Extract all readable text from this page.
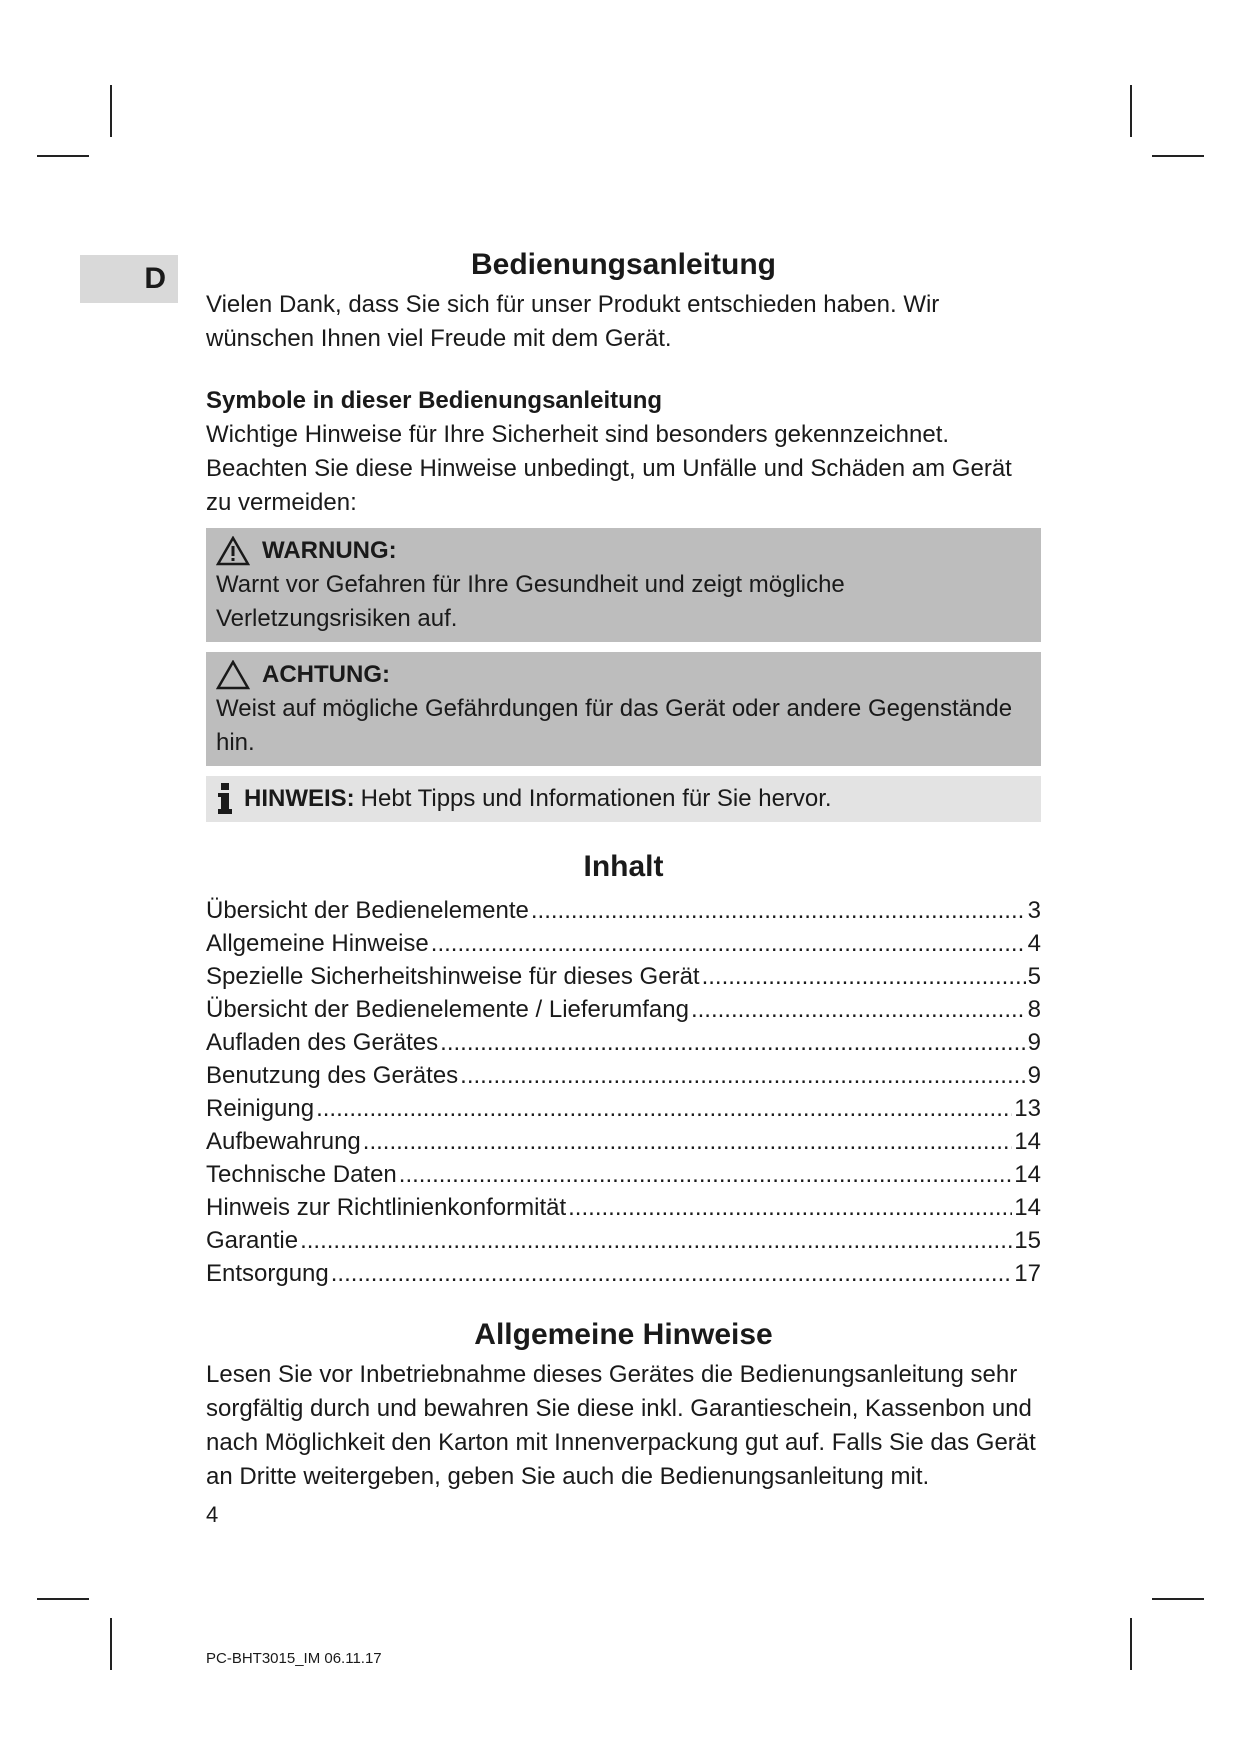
D	Bedienungsanleitung

Vielen Dank, dass Sie sich für unser Produkt entschieden haben. Wir wünschen Ihnen viel Freude mit dem Gerät.

Symbole in dieser Bedienungsanleitung

Wichtige Hinweise für Ihre Sicherheit sind besonders gekennzeichnet. Beachten Sie diese Hinweise unbedingt, um Unfälle und Schäden am Gerät zu vermeiden:

WARNUNG:
Warnt vor Gefahren für Ihre Gesundheit und zeigt mögliche Verletzungsrisiken auf.
ACHTUNG:
Weist auf mögliche Gefährdungen für das Gerät oder andere Gegenstände hin.
HINWEIS: Hebt Tipps und Informationen für Sie hervor.
Inhalt
Übersicht der Bedienelemente .....	3
Allgemeine Hinweise .....	4
Spezielle Sicherheitshinweise für dieses Gerät .....	5
Übersicht der Bedienelemente / Lieferumfang .....	8
Aufladen des Gerätes .....	9
Benutzung des Gerätes .....	9
Reinigung .....	13
Aufbewahrung .....	14
Technische Daten .....	14
Hinweis zur Richtlinienkonformität .....	14
Garantie .....	15
Entsorgung .....	17
Allgemeine Hinweise

Lesen Sie vor Inbetriebnahme dieses Gerätes die Bedienungsanleitung sehr sorgfältig durch und bewahren Sie diese inkl. Garantieschein, Kassenbon und nach Möglichkeit den Karton mit Innenverpackung gut auf. Falls Sie das Gerät an Dritte weitergeben, geben Sie auch die Bedienungsanleitung mit.

4
PC-BHT3015_IM 06.11.17
